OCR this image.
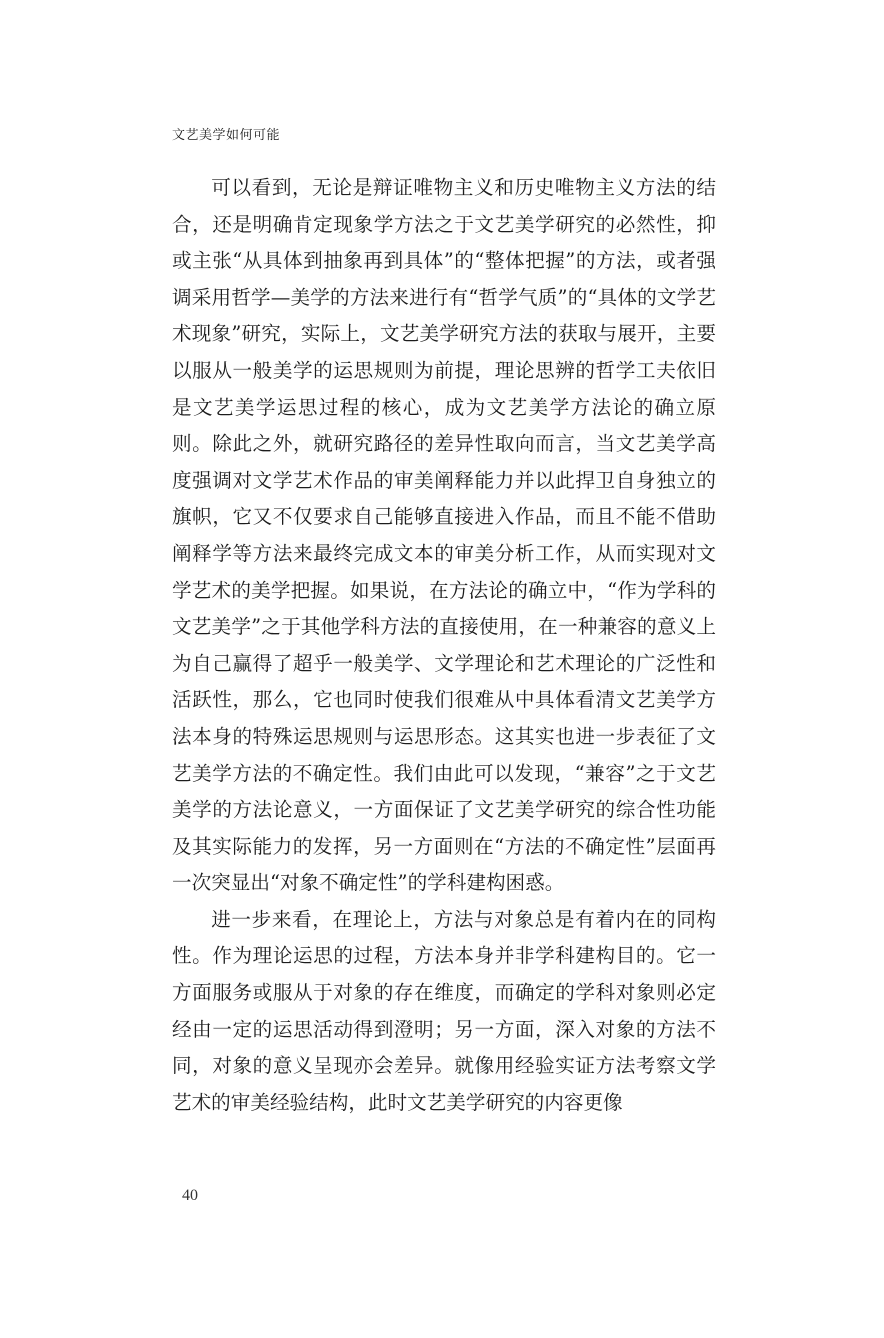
文艺美学如何可能

可以看到，无论是辩证唯物主义和历史唯物主义方法的结合，还是明确肯定现象学方法之于文艺美学研究的必然性，抑或主张“从具体到抽象再到具体”的“整体把握”的方法，或者强调采用哲学—美学的方法来进行有“哲学气质”的“具体的文学艺术现象”研究，实际上，文艺美学研究方法的获取与展开，主要以服从一般美学的运思规则为前提，理论思辨的哲学工夫依旧是文艺美学运思过程的核心，成为文艺美学方法论的确立原则。除此之外，就研究路径的差异性取向而言，当文艺美学高度强调对文学艺术作品的审美阐释能力并以此捍卫自身独立的旗帜，它又不仅要求自己能够直接进入作品，而且不能不借助阐释学等方法来最终完成文本的审美分析工作，从而实现对文学艺术的美学把握。如果说，在方法论的确立中，“作为学科的文艺美学”之于其他学科方法的直接使用，在一种兼容的意义上为自己赢得了超乎一般美学、文学理论和艺术理论的广泛性和活跃性，那么，它也同时使我们很难从中具体看清文艺美学方法本身的特殊运思规则与运思形态。这其实也进一步表征了文艺美学方法的不确定性。我们由此可以发现，“兼容”之于文艺美学的方法论意义，一方面保证了文艺美学研究的综合性功能及其实际能力的发挥，另一方面则在“方法的不确定性”层面再一次突显出“对象不确定性”的学科建构困惑。

进一步来看，在理论上，方法与对象总是有着内在的同构性。作为理论运思的过程，方法本身并非学科建构目的。它一方面服务或服从于对象的存在维度，而确定的学科对象则必定经由一定的运思活动得到澄明；另一方面，深入对象的方法不同，对象的意义呈现亦会差异。就像用经验实证方法考察文学艺术的审美经验结构，此时文艺美学研究的内容更像

40
